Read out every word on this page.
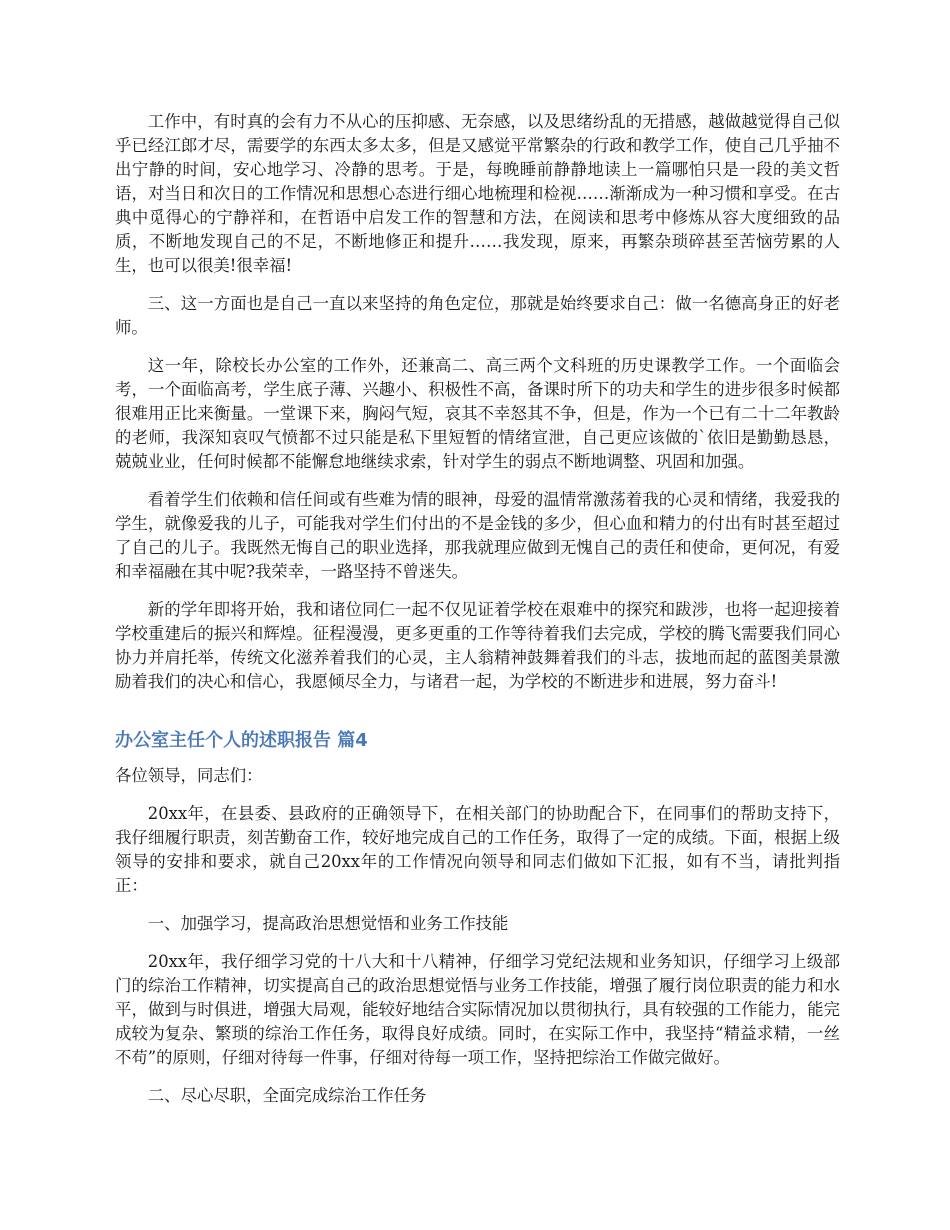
工作中，有时真的会有力不从心的压抑感、无奈感，以及思绪纷乱的无措感，越做越觉得自己似乎已经江郎才尽，需要学的东西太多太多，但是又感觉平常繁杂的行政和教学工作，使自己几乎抽不出宁静的时间，安心地学习、冷静的思考。于是，每晚睡前静静地读上一篇哪怕只是一段的美文哲语，对当日和次日的工作情况和思想心态进行细心地梳理和检视……渐渐成为一种习惯和享受。在古典中觅得心的宁静祥和，在哲语中启发工作的智慧和方法，在阅读和思考中修炼从容大度细致的品质，不断地发现自己的不足，不断地修正和提升……我发现，原来，再繁杂琐碎甚至苦恼劳累的人生，也可以很美!很幸福!

三、这一方面也是自己一直以来坚持的角色定位，那就是始终要求自己：做一名德高身正的好老师。

这一年，除校长办公室的工作外，还兼高二、高三两个文科班的历史课教学工作。一个面临会考，一个面临高考，学生底子薄、兴趣小、积极性不高，备课时所下的功夫和学生的进步很多时候都很难用正比来衡量。一堂课下来，胸闷气短，哀其不幸怒其不争，但是，作为一个已有二十二年教龄的老师，我深知哀叹气愤都不过只能是私下里短暂的情绪宣泄，自己更应该做的`依旧是勤勤恳恳，兢兢业业，任何时候都不能懈怠地继续求索，针对学生的弱点不断地调整、巩固和加强。

看着学生们依赖和信任间或有些难为情的眼神，母爱的温情常激荡着我的心灵和情绪，我爱我的学生，就像爱我的儿子，可能我对学生们付出的不是金钱的多少，但心血和精力的付出有时甚至超过了自己的儿子。我既然无悔自己的职业选择，那我就理应做到无愧自己的责任和使命，更何况，有爱和幸福融在其中呢?我荣幸，一路坚持不曾迷失。

新的学年即将开始，我和诸位同仁一起不仅见证着学校在艰难中的探究和跋涉，也将一起迎接着学校重建后的振兴和辉煌。征程漫漫，更多更重的工作等待着我们去完成，学校的腾飞需要我们同心协力并肩托举，传统文化滋养着我们的心灵，主人翁精神鼓舞着我们的斗志，拔地而起的蓝图美景激励着我们的决心和信心，我愿倾尽全力，与诸君一起，为学校的不断进步和进展，努力奋斗!

办公室主任个人的述职报告 篇4

各位领导，同志们：

20xx年，在县委、县政府的正确领导下，在相关部门的协助配合下，在同事们的帮助支持下，我仔细履行职责，刻苦勤奋工作，较好地完成自己的工作任务，取得了一定的成绩。下面，根据上级领导的安排和要求，就自己20xx年的工作情况向领导和同志们做如下汇报，如有不当，请批判指正：

一、加强学习，提高政治思想觉悟和业务工作技能

20xx年，我仔细学习党的十八大和十八精神，仔细学习党纪法规和业务知识，仔细学习上级部门的综治工作精神，切实提高自己的政治思想觉悟与业务工作技能，增强了履行岗位职责的能力和水平，做到与时俱进，增强大局观，能较好地结合实际情况加以贯彻执行，具有较强的工作能力，能完成较为复杂、繁琐的综治工作任务，取得良好成绩。同时，在实际工作中，我坚持“精益求精，一丝不苟”的原则，仔细对待每一件事，仔细对待每一项工作，坚持把综治工作做完做好。

二、尽心尽职，全面完成综治工作任务
